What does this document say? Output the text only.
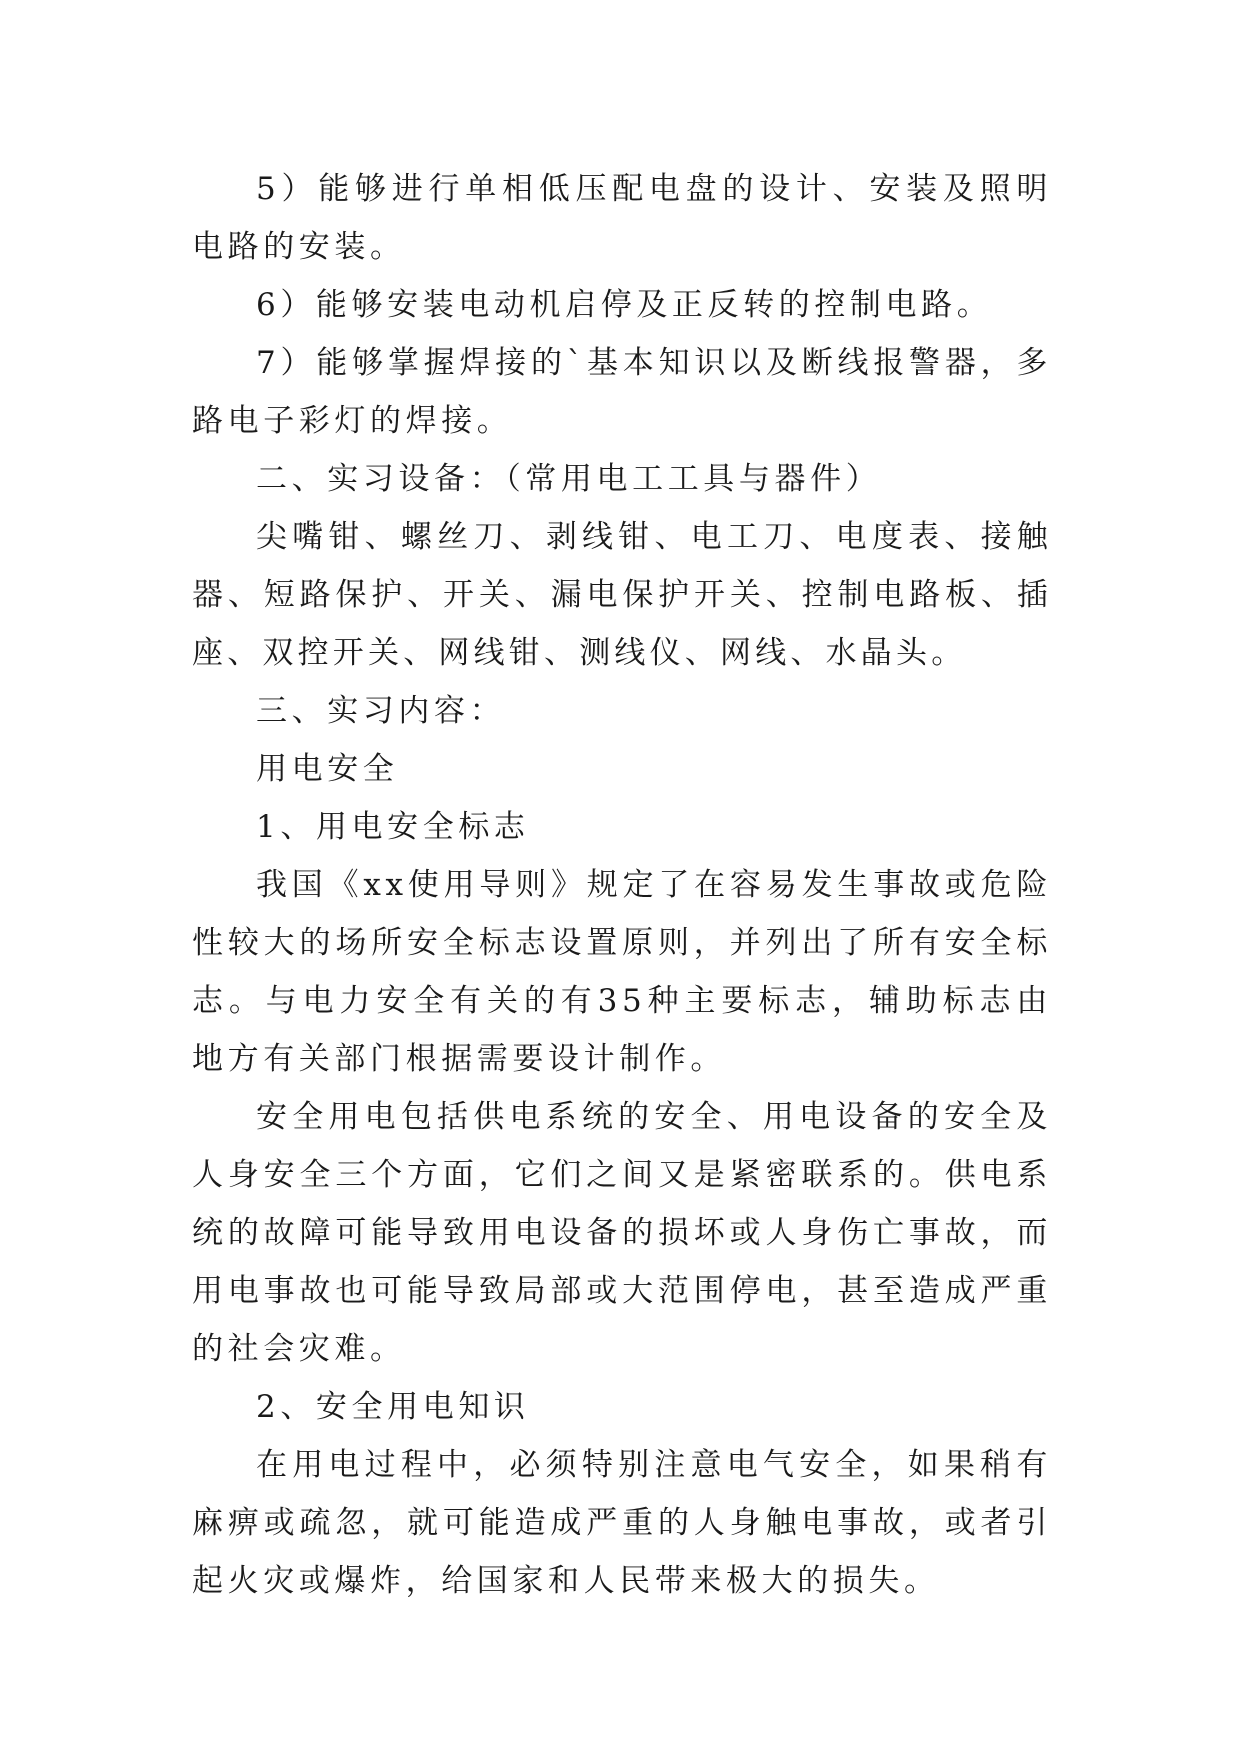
5）能够进行单相低压配电盘的设计、安装及照明电路的安装。

6）能够安装电动机启停及正反转的控制电路。

7）能够掌握焊接的`基本知识以及断线报警器，多路电子彩灯的焊接。

二、实习设备：（常用电工工具与器件）

尖嘴钳、螺丝刀、剥线钳、电工刀、电度表、接触器、短路保护、开关、漏电保护开关、控制电路板、插座、双控开关、网线钳、测线仪、网线、水晶头。

三、实习内容：

用电安全

1、用电安全标志

我国《xx使用导则》规定了在容易发生事故或危险性较大的场所安全标志设置原则，并列出了所有安全标志。与电力安全有关的有35种主要标志，辅助标志由地方有关部门根据需要设计制作。

安全用电包括供电系统的安全、用电设备的安全及人身安全三个方面，它们之间又是紧密联系的。供电系统的故障可能导致用电设备的损坏或人身伤亡事故，而用电事故也可能导致局部或大范围停电，甚至造成严重的社会灾难。

2、安全用电知识

在用电过程中，必须特别注意电气安全，如果稍有麻痹或疏忽，就可能造成严重的人身触电事故，或者引起火灾或爆炸，给国家和人民带来极大的损失。
